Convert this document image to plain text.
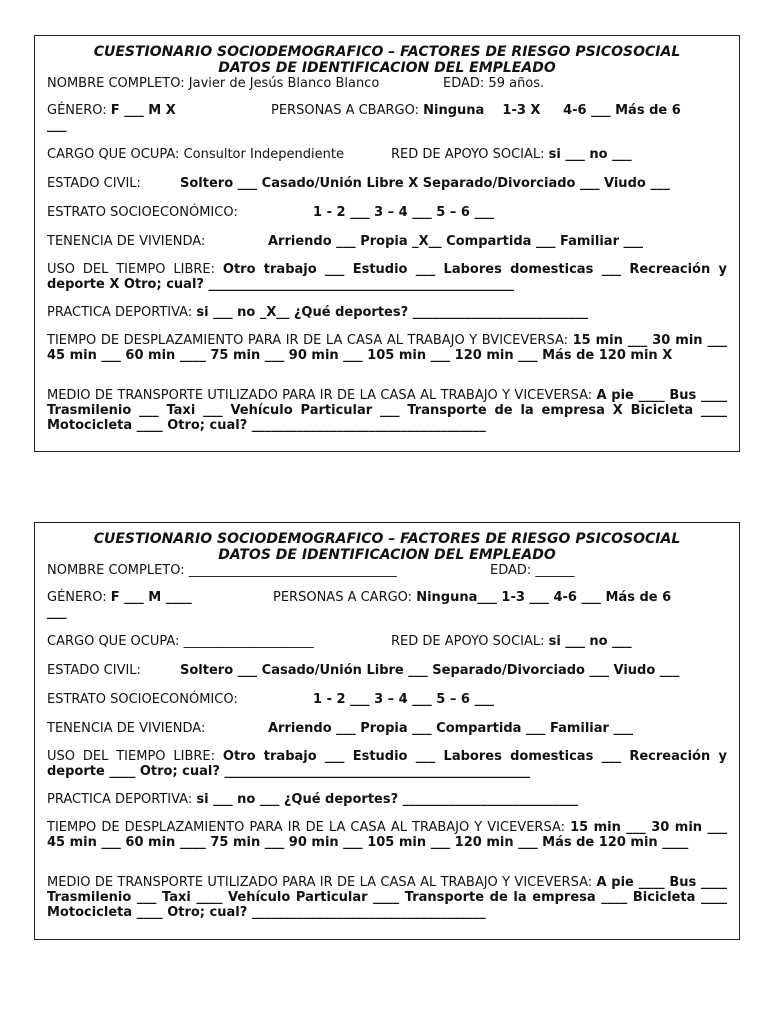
CUESTIONARIO SOCIODEMOGRAFICO – FACTORES DE RIESGO PSICOSOCIAL
DATOS DE IDENTIFICACION DEL EMPLEADO
NOMBRE COMPLETO: Javier de Jesús Blanco Blanco	EDAD: 59 años.
GÉNERO: F ___ M X	PERSONAS A CBARGO: Ninguna    1-3 X     4-6 ___ Más de 6
___
CARGO QUE OCUPA: Consultor Independiente	RED DE APOYO SOCIAL: si ___ no ___
ESTADO CIVIL:	Soltero ___ Casado/Unión Libre X Separado/Divorciado ___ Viudo ___
ESTRATO SOCIOECONÓMICO:	1 - 2 ___ 3 – 4 ___ 5 – 6 ___
TENENCIA DE VIVIENDA:	Arriendo ___ Propia _X__ Compartida ___ Familiar ___
USO DEL TIEMPO LIBRE: Otro trabajo ___ Estudio ___ Labores domesticas ___ Recreación y deporte X Otro; cual? _______________________________________________
PRACTICA DEPORTIVA: si ___ no _X__ ¿Qué deportes? ___________________________
TIEMPO DE DESPLAZAMIENTO PARA IR DE LA CASA AL TRABAJO Y BVICEVERSA: 15 min ___ 30 min ___ 45 min ___ 60 min ____ 75 min ___ 90 min ___ 105 min ___ 120 min ___ Más de 120 min X
MEDIO DE TRANSPORTE UTILIZADO PARA IR DE LA CASA AL TRABAJO Y VICEVERSA: A pie ____ Bus ____ Trasmilenio ___ Taxi ___ Vehículo Particular ___ Transporte de la empresa X Bicicleta ____ Motocicleta ____ Otro; cual? ____________________________________
CUESTIONARIO SOCIODEMOGRAFICO – FACTORES DE RIESGO PSICOSOCIAL
DATOS DE IDENTIFICACION DEL EMPLEADO
NOMBRE COMPLETO: ________________________________	EDAD: ______
GÉNERO: F ___ M ____	PERSONAS A CARGO: Ninguna___ 1-3 ___ 4-6 ___ Más de 6
___
CARGO QUE OCUPA: ____________________	RED DE APOYO SOCIAL: si ___ no ___
ESTADO CIVIL:	Soltero ___ Casado/Unión Libre ___ Separado/Divorciado ___ Viudo ___
ESTRATO SOCIOECONÓMICO:	1 - 2 ___ 3 – 4 ___ 5 – 6 ___
TENENCIA DE VIVIENDA:	Arriendo ___ Propia ___ Compartida ___ Familiar ___
USO DEL TIEMPO LIBRE: Otro trabajo ___ Estudio ___ Labores domesticas ___ Recreación y deporte ____ Otro; cual? _______________________________________________
PRACTICA DEPORTIVA: si ___ no ___ ¿Qué deportes? ___________________________
TIEMPO DE DESPLAZAMIENTO PARA IR DE LA CASA AL TRABAJO Y VICEVERSA: 15 min ___ 30 min ___ 45 min ___ 60 min ____ 75 min ___ 90 min ___ 105 min ___ 120 min ___ Más de 120 min ____
MEDIO DE TRANSPORTE UTILIZADO PARA IR DE LA CASA AL TRABAJO Y VICEVERSA: A pie ____ Bus ____ Trasmilenio ___ Taxi ____ Vehículo Particular ____ Transporte de la empresa ____ Bicicleta ____ Motocicleta ____ Otro; cual? ____________________________________
